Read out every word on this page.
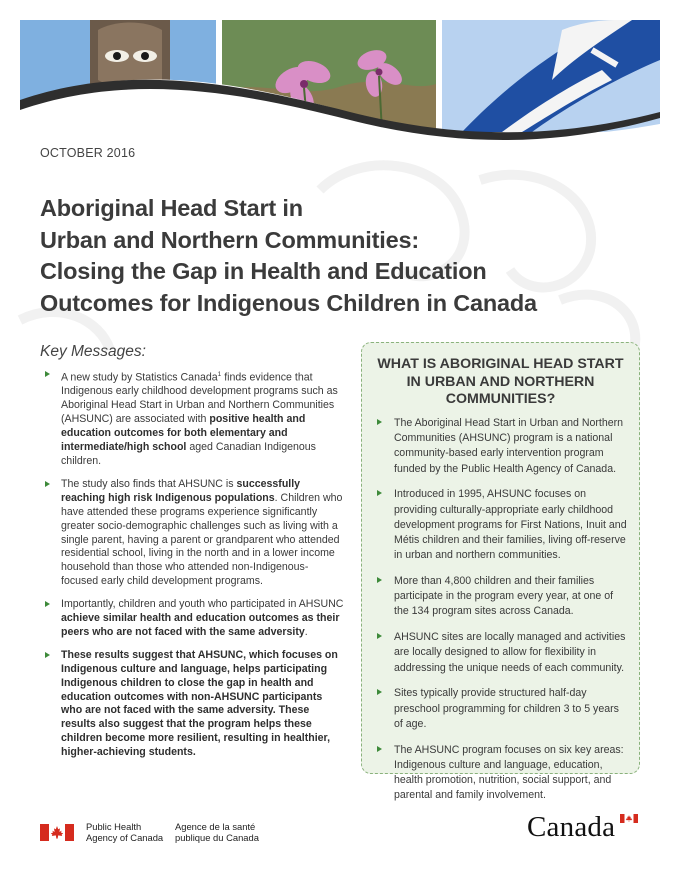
OCTOBER 2016
Aboriginal Head Start in
Urban and Northern Communities:
Closing the Gap in Health and Education
Outcomes for Indigenous Children in Canada
Key Messages:
A new study by Statistics Canada$^1$ finds evidence that Indigenous early childhood development programs such as Aboriginal Head Start in Urban and Northern Communities (AHSUNC) are associated with positive health and education outcomes for both elementary and intermediate/high school aged Canadian Indigenous children.
The study also finds that AHSUNC is successfully reaching high risk Indigenous populations. Children who have attended these programs experience significantly greater socio-demographic challenges such as living with a single parent, having a parent or grandparent who attended residential school, living in the north and in a lower income household than those who attended non-Indigenous-focused early child development programs.
Importantly, children and youth who participated in AHSUNC achieve similar health and education outcomes as their peers who are not faced with the same adversity.
These results suggest that AHSUNC, which focuses on Indigenous culture and language, helps participating Indigenous children to close the gap in health and education outcomes with non-AHSUNC participants who are not faced with the same adversity. These results also suggest that the program helps these children become more resilient, resulting in healthier, higher-achieving students.
WHAT IS ABORIGINAL HEAD START
IN URBAN AND NORTHERN
COMMUNITIES?
The Aboriginal Head Start in Urban and Northern Communities (AHSUNC) program is a national community-based early intervention program funded by the Public Health Agency of Canada.
Introduced in 1995, AHSUNC focuses on providing culturally-appropriate early childhood development programs for First Nations, Inuit and Métis children and their families, living off-reserve in urban and northern communities.
More than 4,800 children and their families participate in the program every year, at one of the 134 program sites across Canada.
AHSUNC sites are locally managed and activities are locally designed to allow for flexibility in addressing the unique needs of each community.
Sites typically provide structured half-day preschool programming for children 3 to 5 years of age.
The AHSUNC program focuses on six key areas: Indigenous culture and language, education, health promotion, nutrition, social support, and parental and family involvement.
Public Health
Agency of Canada
Agence de la santé
publique du Canada	Canada
